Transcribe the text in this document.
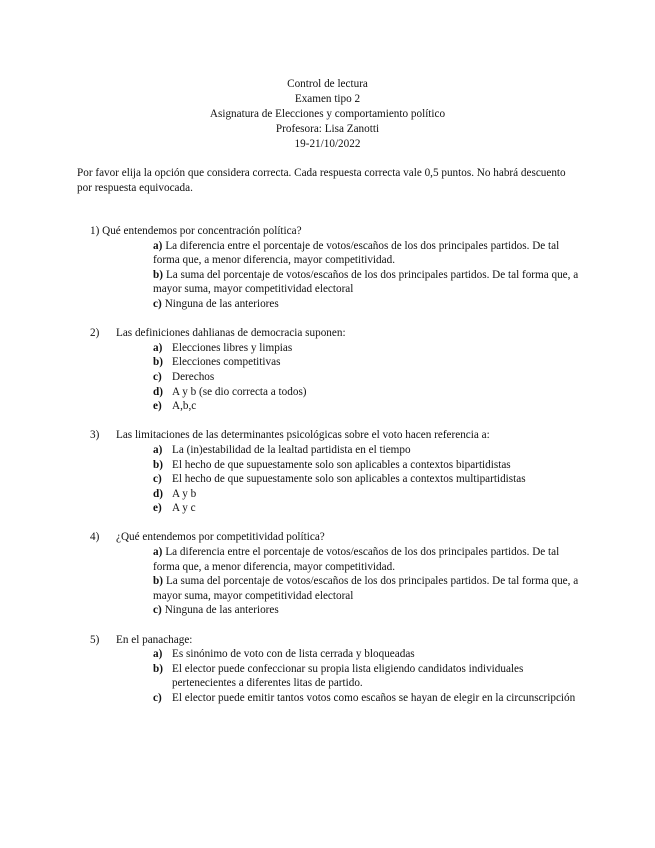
Control de lectura
Examen tipo 2
Asignatura de Elecciones y comportamiento político
Profesora: Lisa Zanotti
19-21/10/2022
Por favor elija la opción que considera correcta. Cada respuesta correcta vale 0,5 puntos. No habrá descuento por respuesta equivocada.
1) Qué entendemos por concentración política?
a) La diferencia entre el porcentaje de votos/escaños de los dos principales partidos. De tal forma que, a menor diferencia, mayor competitividad.
b) La suma del porcentaje de votos/escaños de los dos principales partidos. De tal forma que, a mayor suma, mayor competitividad electoral
c) Ninguna de las anteriores
2) Las definiciones dahlianas de democracia suponen:
a) Elecciones libres y limpias
b) Elecciones competitivas
c) Derechos
d) A y b (se dio correcta a todos)
e) A,b,c
3) Las limitaciones de las determinantes psicológicas sobre el voto hacen referencia a:
a) La (in)estabilidad de la lealtad partidista en el tiempo
b) El hecho de que supuestamente solo son aplicables a contextos bipartidistas
c) El hecho de que supuestamente solo son aplicables a contextos multipartidistas
d) A y b
e) A y c
4) ¿Qué entendemos por competitividad política?
a) La diferencia entre el porcentaje de votos/escaños de los dos principales partidos. De tal forma que, a menor diferencia, mayor competitividad.
b) La suma del porcentaje de votos/escaños de los dos principales partidos. De tal forma que, a mayor suma, mayor competitividad electoral
c) Ninguna de las anteriores
5) En el panachage:
a) Es sinónimo de voto con de lista cerrada y bloqueadas
b) El elector puede confeccionar su propia lista eligiendo candidatos individuales pertenecientes a diferentes litas de partido.
c) El elector puede emitir tantos votos como escaños se hayan de elegir en la circunscripción
